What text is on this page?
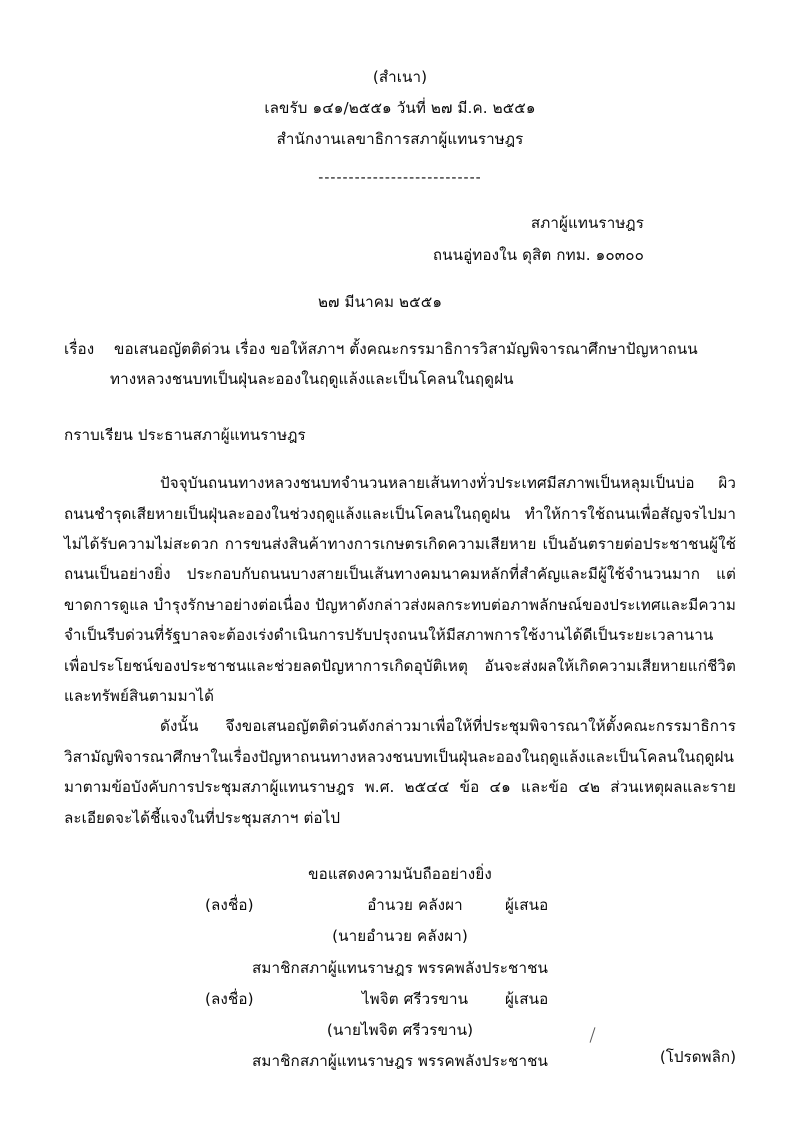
(สำเนา)
เลขรับ ๑๔๑/๒๕๕๑ วันที่ ๒๗ มี.ค. ๒๕๕๑
สำนักงานเลขาธิการสภาผู้แทนราษฎร
---------------------------
สภาผู้แทนราษฎร
ถนนอู่ทองใน ดุสิต กทม. ๑๐๓๐๐
๒๗ มีนาคม ๒๕๕๑
เรื่อง ขอเสนอญัตติด่วน เรื่อง ขอให้สภาฯ ตั้งคณะกรรมาธิการวิสามัญพิจารณาศึกษาปัญหาถนน
ทางหลวงชนบทเป็นฝุ่นละอองในฤดูแล้งและเป็นโคลนในฤดูฝน
กราบเรียน ประธานสภาผู้แทนราษฎร

ปัจจุบันถนนทางหลวงชนบทจำนวนหลายเส้นทางทั่วประเทศมีสภาพเป็นหลุมเป็นบ่อ ผิวถนนชำรุดเสียหายเป็นฝุ่นละอองในช่วงฤดูแล้งและเป็นโคลนในฤดูฝน ทำให้การใช้ถนนเพื่อสัญจรไปมาไม่ได้รับความไม่สะดวก การขนส่งสินค้าทางการเกษตรเกิดความเสียหาย เป็นอันตรายต่อประชาชนผู้ใช้ถนนเป็นอย่างยิ่ง ประกอบกับถนนบางสายเป็นเส้นทางคมนาคมหลักที่สำคัญและมีผู้ใช้จำนวนมาก แต่ขาดการดูแล บำรุงรักษาอย่างต่อเนื่อง ปัญหาดังกล่าวส่งผลกระทบต่อภาพลักษณ์ของประเทศและมีความจำเป็นรีบด่วนที่รัฐบาลจะต้องเร่งดำเนินการปรับปรุงถนนให้มีสภาพการใช้งานได้ดีเป็นระยะเวลานานเพื่อประโยชน์ของประชาชนและช่วยลดปัญหาการเกิดอุบัติเหตุ อันจะส่งผลให้เกิดความเสียหายแก่ชีวิตและทรัพย์สินตามมาได้

ดังนั้น จึงขอเสนอญัตติด่วนดังกล่าวมาเพื่อให้ที่ประชุมพิจารณาให้ตั้งคณะกรรมาธิการวิสามัญพิจารณาศึกษาในเรื่องปัญหาถนนทางหลวงชนบทเป็นฝุ่นละอองในฤดูแล้งและเป็นโคลนในฤดูฝน มาตามข้อบังคับการประชุมสภาผู้แทนราษฎร พ.ศ. ๒๕๔๔ ข้อ ๔๑ และข้อ ๔๒ ส่วนเหตุผลและรายละเอียดจะได้ชี้แจงในที่ประชุมสภาฯ ต่อไป

ขอแสดงความนับถืออย่างยิ่ง
(ลงชื่อ)	อำนวย คลังผา	ผู้เสนอ
(นายอำนวย คลังผา)
สมาชิกสภาผู้แทนราษฎร พรรคพลังประชาชน
(ลงชื่อ)	ไพจิต ศรีวรขาน	ผู้เสนอ
(นายไพจิต ศรีวรขาน)
สมาชิกสภาผู้แทนราษฎร พรรคพลังประชาชน	(โปรดพลิก)
